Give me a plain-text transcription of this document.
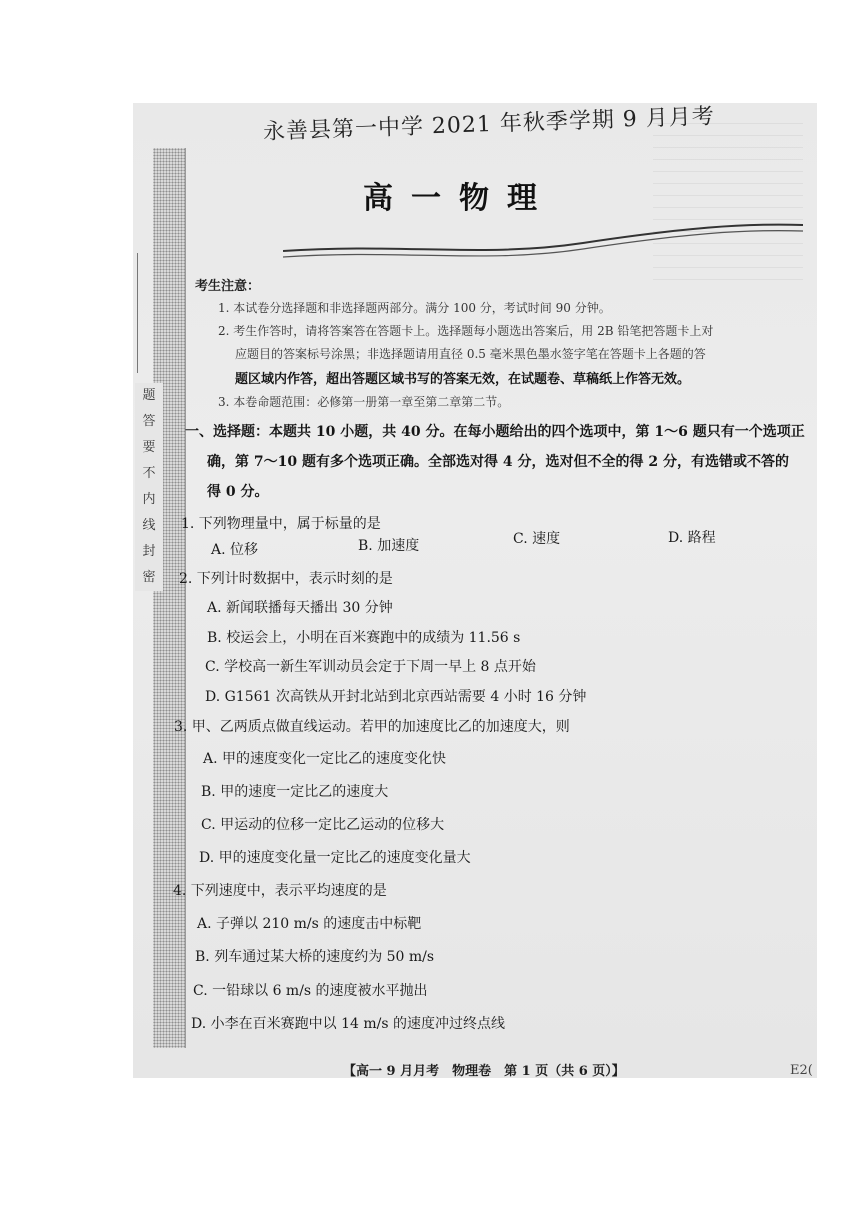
题
答
要
不
内
线
封
密
永善县第一中学 2021 年秋季学期 9 月月考
高一物理
考生注意：
1. 本试卷分选择题和非选择题两部分。满分 100 分，考试时间 90 分钟。
2. 考生作答时，请将答案答在答题卡上。选择题每小题选出答案后，用 2B 铅笔把答题卡上对
应题目的答案标号涂黑；非选择题请用直径 0.5 毫米黑色墨水签字笔在答题卡上各题的答
题区域内作答，超出答题区域书写的答案无效，在试题卷、草稿纸上作答无效。
3. 本卷命题范围：必修第一册第一章至第二章第二节。
一、选择题：本题共 10 小题，共 40 分。在每小题给出的四个选项中，第 1～6 题只有一个选项正
确，第 7～10 题有多个选项正确。全部选对得 4 分，选对但不全的得 2 分，有选错或不答的
得 0 分。
1. 下列物理量中，属于标量的是
A. 位移	B. 加速度	C. 速度	D. 路程
2. 下列计时数据中，表示时刻的是
A. 新闻联播每天播出 30 分钟
B. 校运会上，小明在百米赛跑中的成绩为 11.56 s
C. 学校高一新生军训动员会定于下周一早上 8 点开始
D. G1561 次高铁从开封北站到北京西站需要 4 小时 16 分钟
3. 甲、乙两质点做直线运动。若甲的加速度比乙的加速度大，则
A. 甲的速度变化一定比乙的速度变化快
B. 甲的速度一定比乙的速度大
C. 甲运动的位移一定比乙运动的位移大
D. 甲的速度变化量一定比乙的速度变化量大
4. 下列速度中，表示平均速度的是
A. 子弹以 210 m/s 的速度击中标靶
B. 列车通过某大桥的速度约为 50 m/s
C. 一铅球以 6 m/s 的速度被水平抛出
D. 小李在百米赛跑中以 14 m/s 的速度冲过终点线
【高一 9 月月考　物理卷　第 1 页（共 6 页）】	E2(
